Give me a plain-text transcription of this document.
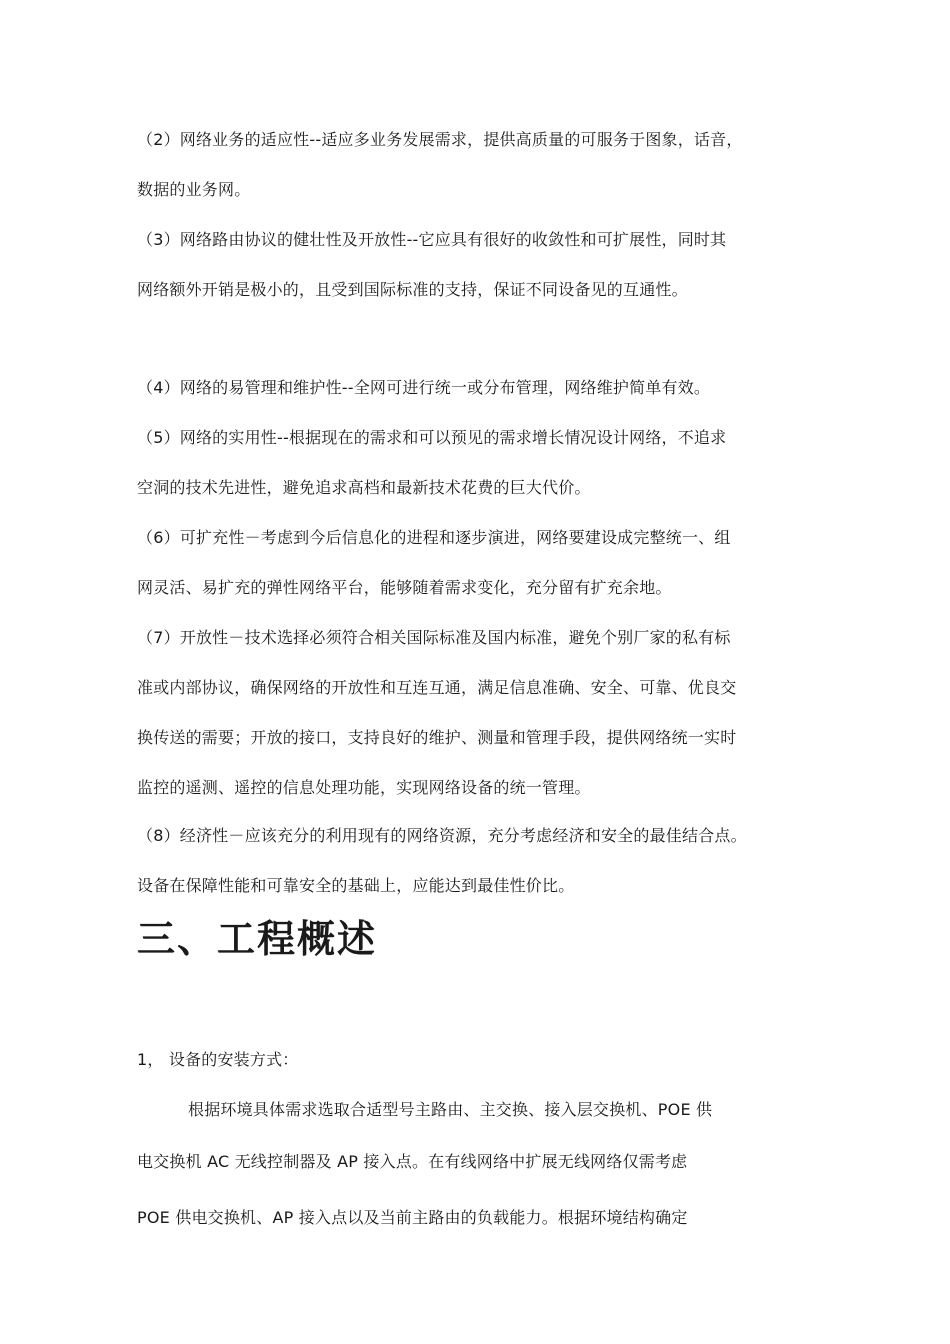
（2）网络业务的适应性--适应多业务发展需求，提供高质量的可服务于图象，话音，
数据的业务网。
（3）网络路由协议的健壮性及开放性--它应具有很好的收敛性和可扩展性，同时其
网络额外开销是极小的，且受到国际标准的支持，保证不同设备见的互通性。
（4）网络的易管理和维护性--全网可进行统一或分布管理，网络维护简单有效。
（5）网络的实用性--根据现在的需求和可以预见的需求增长情况设计网络，不追求
空洞的技术先进性，避免追求高档和最新技术花费的巨大代价。
（6）可扩充性－考虑到今后信息化的进程和逐步演进，网络要建设成完整统一、组
网灵活、易扩充的弹性网络平台，能够随着需求变化，充分留有扩充余地。
（7）开放性－技术选择必须符合相关国际标准及国内标准，避免个别厂家的私有标
准或内部协议，确保网络的开放性和互连互通，满足信息准确、安全、可靠、优良交
换传送的需要；开放的接口，支持良好的维护、测量和管理手段，提供网络统一实时
监控的遥测、遥控的信息处理功能，实现网络设备的统一管理。
（8）经济性－应该充分的利用现有的网络资源，充分考虑经济和安全的最佳结合点。
设备在保障性能和可靠安全的基础上，应能达到最佳性价比。
三、工程概述
1， 设备的安装方式：
根据环境具体需求选取合适型号主路由、主交换、接入层交换机、POE 供
电交换机 AC 无线控制器及 AP 接入点。在有线网络中扩展无线网络仅需考虑
POE 供电交换机、AP 接入点以及当前主路由的负载能力。根据环境结构确定
